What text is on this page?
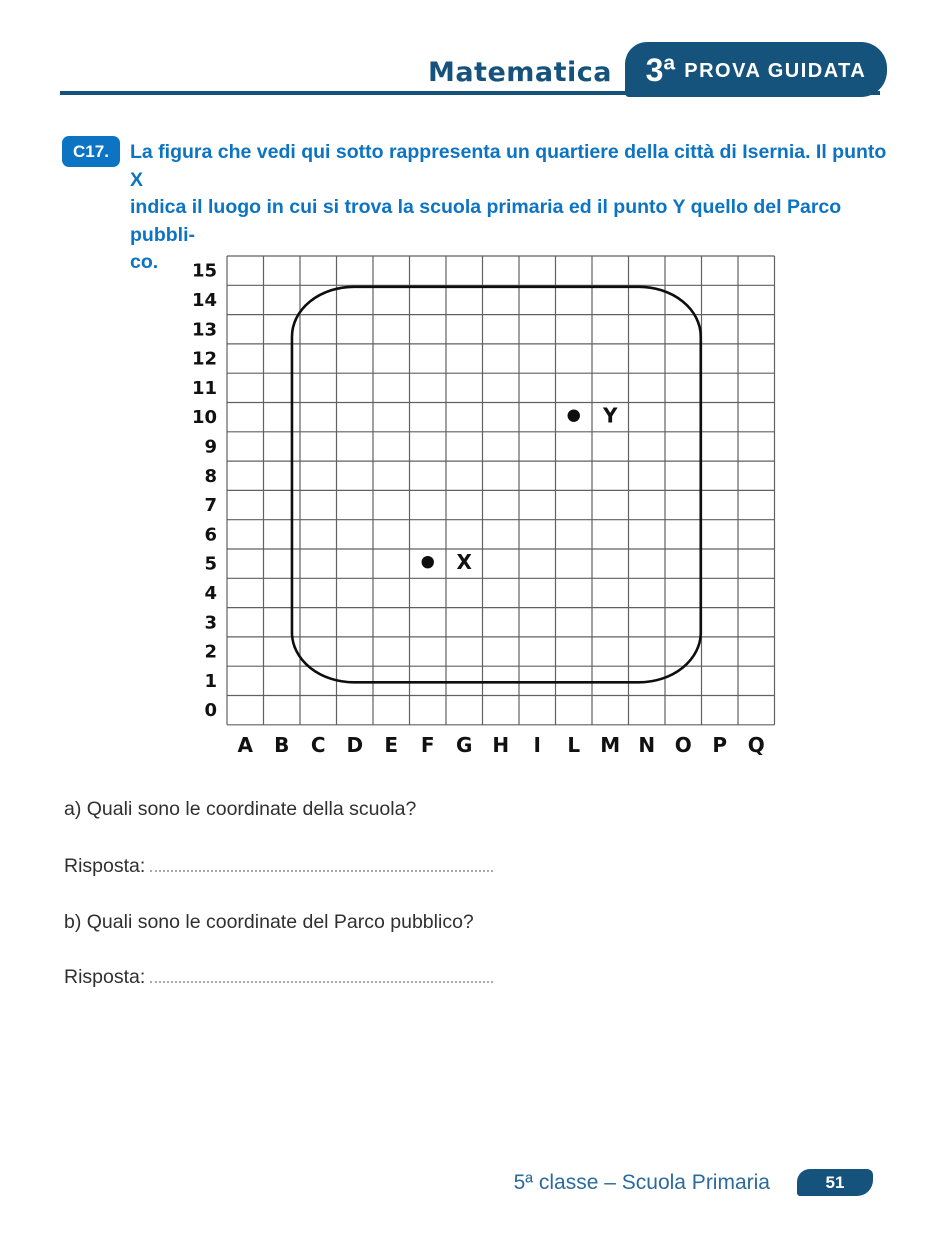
Matematica 3ª PROVA GUIDATA
C17.	La figura che vedi qui sotto rappresenta un quartiere della città di Isernia. Il punto X
indica il luogo in cui si trova la scuola primaria ed il punto Y quello del Parco pubbli-
co.	15
14
13
12
11
10
9
8
7
6
5
4
3
2
1
0
A B C D E F G H I L M N O P Q
X
Y
a) Quali sono le coordinate della scuola?
Risposta:
b) Quali sono le coordinate del Parco pubblico?
Risposta:
5ª classe – Scuola Primaria	51
